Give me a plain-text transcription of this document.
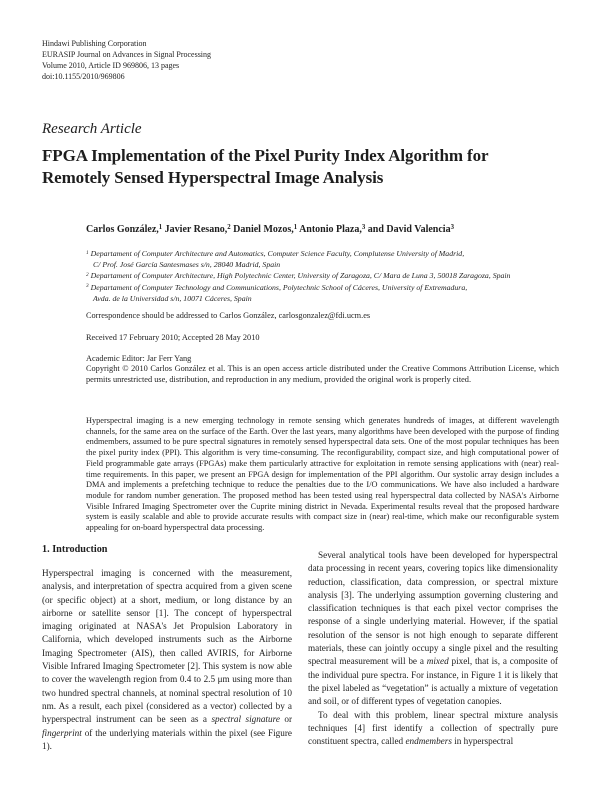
Hindawi Publishing Corporation
EURASIP Journal on Advances in Signal Processing
Volume 2010, Article ID 969806, 13 pages
doi:10.1155/2010/969806
Research Article
FPGA Implementation of the Pixel Purity Index Algorithm for Remotely Sensed Hyperspectral Image Analysis
Carlos González,$^1$ Javier Resano,$^2$ Daniel Mozos,$^1$ Antonio Plaza,$^3$ and David Valencia$^3$
$^1$ Departament of Computer Architecture and Automatics, Computer Science Faculty, Complutense University of Madrid,
C/ Prof. José García Santesmases s/n, 28040 Madrid, Spain
$^2$ Departament of Computer Architecture, High Polytechnic Center, University of Zaragoza, C/ Mara de Luna 3, 50018 Zaragoza, Spain
$^3$ Departament of Computer Technology and Communications, Polytechnic School of Cáceres, University of Extremadura,
Avda. de la Universidad s/n, 10071 Cáceres, Spain
Correspondence should be addressed to Carlos González, carlosgonzalez@fdi.ucm.es
Received 17 February 2010; Accepted 28 May 2010
Academic Editor: Jar Ferr Yang
Copyright © 2010 Carlos González et al. This is an open access article distributed under the Creative Commons Attribution License, which permits unrestricted use, distribution, and reproduction in any medium, provided the original work is properly cited.
Hyperspectral imaging is a new emerging technology in remote sensing which generates hundreds of images, at different wavelength channels, for the same area on the surface of the Earth. Over the last years, many algorithms have been developed with the purpose of finding endmembers, assumed to be pure spectral signatures in remotely sensed hyperspectral data sets. One of the most popular techniques has been the pixel purity index (PPI). This algorithm is very time-consuming. The reconfigurability, compact size, and high computational power of Field programmable gate arrays (FPGAs) make them particularly attractive for exploitation in remote sensing applications with (near) real-time requirements. In this paper, we present an FPGA design for implementation of the PPI algorithm. Our systolic array design includes a DMA and implements a prefetching technique to reduce the penalties due to the I/O communications. We have also included a hardware module for random number generation. The proposed method has been tested using real hyperspectral data collected by NASA's Airborne Visible Infrared Imaging Spectrometer over the Cuprite mining district in Nevada. Experimental results reveal that the proposed hardware system is easily scalable and able to provide accurate results with compact size in (near) real-time, which make our reconfigurable system appealing for on-board hyperspectral data processing.
1. Introduction

Hyperspectral imaging is concerned with the measurement, analysis, and interpretation of spectra acquired from a given scene (or specific object) at a short, medium, or long distance by an airborne or satellite sensor [1]. The concept of hyperspectral imaging originated at NASA's Jet Propulsion Laboratory in California, which developed instruments such as the Airborne Imaging Spectrometer (AIS), then called AVIRIS, for Airborne Visible Infrared Imaging Spectrometer [2]. This system is now able to cover the wavelength region from 0.4 to 2.5 μm using more than two hundred spectral channels, at nominal spectral resolution of 10 nm. As a result, each pixel (considered as a vector) collected by a hyperspectral instrument can be seen as a spectral signature or fingerprint of the underlying materials within the pixel (see Figure 1).

Several analytical tools have been developed for hyperspectral data processing in recent years, covering topics like dimensionality reduction, classification, data compression, or spectral mixture analysis [3]. The underlying assumption governing clustering and classification techniques is that each pixel vector comprises the response of a single underlying material. However, if the spatial resolution of the sensor is not high enough to separate different materials, these can jointly occupy a single pixel and the resulting spectral measurement will be a mixed pixel, that is, a composite of the individual pure spectra. For instance, in Figure 1 it is likely that the pixel labeled as “vegetation” is actually a mixture of vegetation and soil, or of different types of vegetation canopies.

To deal with this problem, linear spectral mixture analysis techniques [4] first identify a collection of spectrally pure constituent spectra, called endmembers in hyperspectral
